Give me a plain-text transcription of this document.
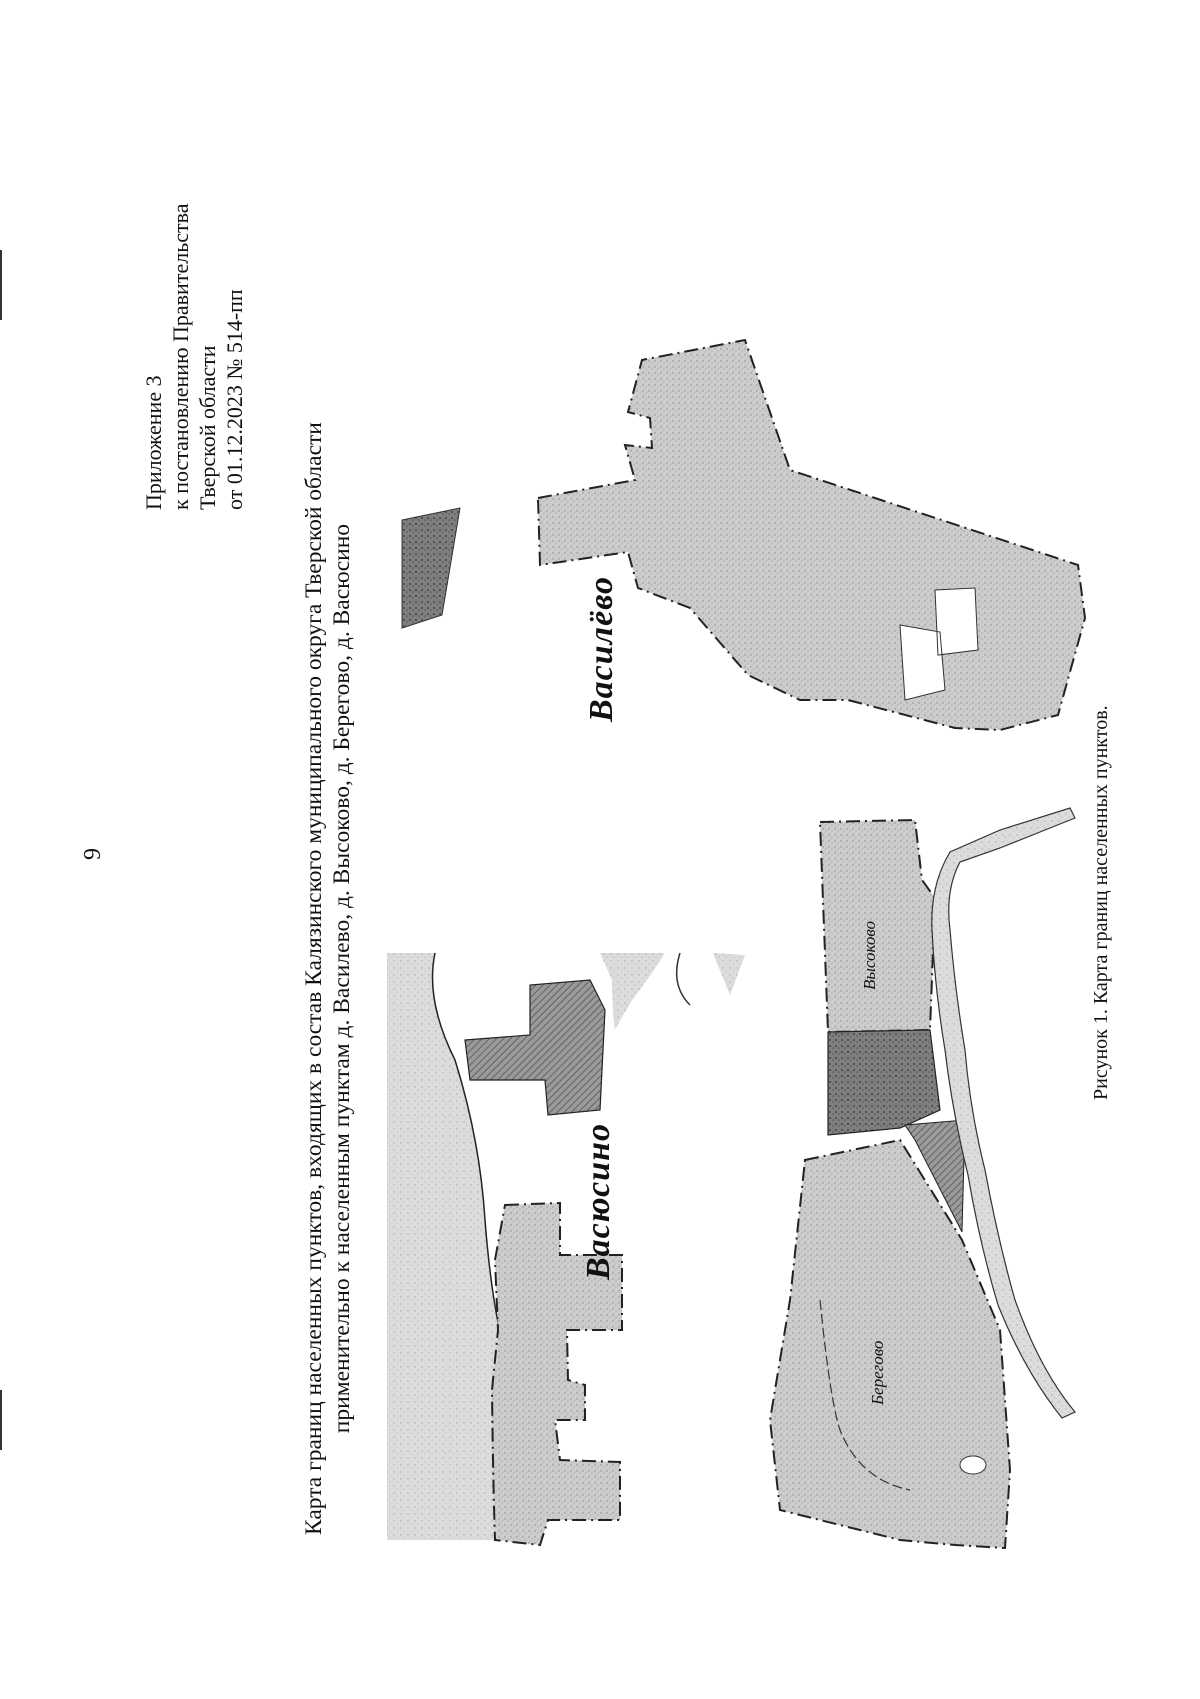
9
Приложение 3 к постановлению Правительства Тверской области от 01.12.2023 № 514-пп
Карта границ населенных пунктов, входящих в состав Калязинского муниципального округа Тверской области применительно к населенным пунктам д. Василево, д. Высоково, д. Береговo, д. Васюсино	Васюсино
Василёво
Высоково
Берегово
Рисунок 1. Карта границ населенных пунктов.
